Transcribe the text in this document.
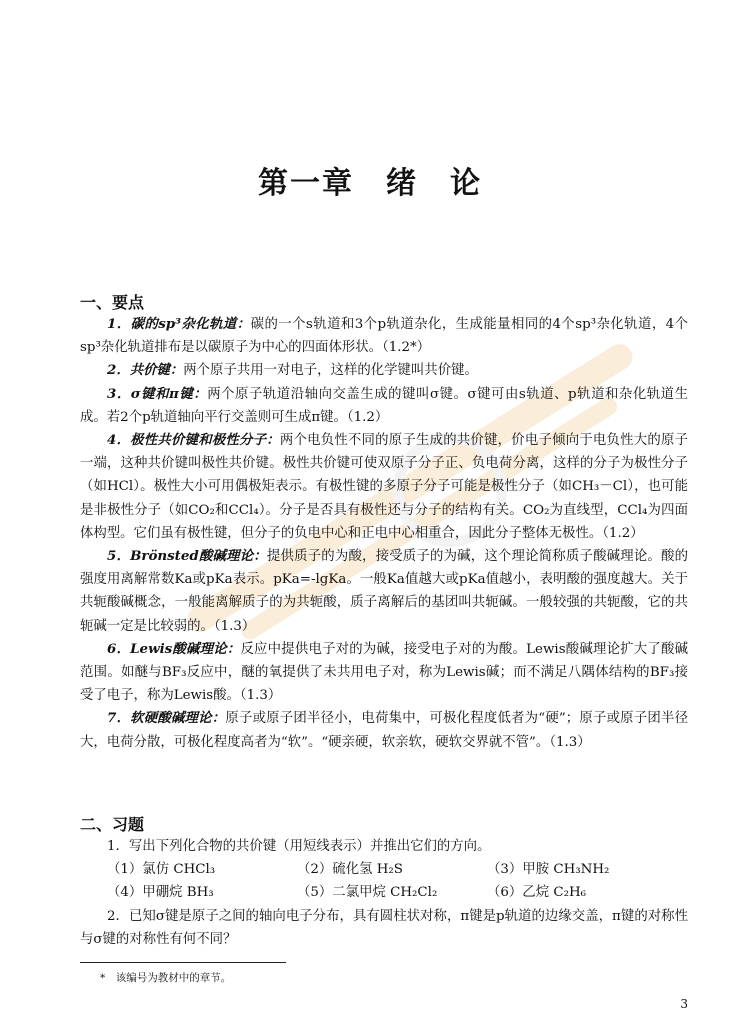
第一章　绪　论
一、要点

1．碳的sp³杂化轨道：碳的一个s轨道和3个p轨道杂化，生成能量相同的4个sp³杂化轨道，4个sp³杂化轨道排布是以碳原子为中心的四面体形状。（1.2*）

2．共价键：两个原子共用一对电子，这样的化学键叫共价键。

3．σ键和π键：两个原子轨道沿轴向交盖生成的键叫σ键。σ键可由s轨道、p轨道和杂化轨道生成。若2个p轨道轴向平行交盖则可生成π键。（1.2）

4．极性共价键和极性分子：两个电负性不同的原子生成的共价键，价电子倾向于电负性大的原子一端，这种共价键叫极性共价键。极性共价键可使双原子分子正、负电荷分离，这样的分子为极性分子（如HCl）。极性大小可用偶极矩表示。有极性键的多原子分子可能是极性分子（如CH₃－Cl），也可能是非极性分子（如CO₂和CCl₄）。分子是否具有极性还与分子的结构有关。CO₂为直线型，CCl₄为四面体构型。它们虽有极性键，但分子的负电中心和正电中心相重合，因此分子整体无极性。（1.2）

5．Brönsted酸碱理论：提供质子的为酸，接受质子的为碱，这个理论简称质子酸碱理论。酸的强度用离解常数Ka或pKa表示。pKa=-lgKa。一般Ka值越大或pKa值越小，表明酸的强度越大。关于共轭酸碱概念，一般能离解质子的为共轭酸，质子离解后的基团叫共轭碱。一般较强的共轭酸，它的共轭碱一定是比较弱的。（1.3）

6．Lewis酸碱理论：反应中提供电子对的为碱，接受电子对的为酸。Lewis酸碱理论扩大了酸碱范围。如醚与BF₃反应中，醚的氧提供了未共用电子对，称为Lewis碱；而不满足八隅体结构的BF₃接受了电子，称为Lewis酸。（1.3）

7．软硬酸碱理论：原子或原子团半径小，电荷集中，可极化程度低者为“硬”；原子或原子团半径大，电荷分散，可极化程度高者为“软”。“硬亲硬，软亲软，硬软交界就不管”。（1.3）

二、习题

1．写出下列化合物的共价键（用短线表示）并推出它们的方向。

（1）氯仿 CHCl₃	（2）硫化氢 H₂S	（3）甲胺 CH₃NH₂
（4）甲硼烷 BH₃	（5）二氯甲烷 CH₂Cl₂	（6）乙烷 C₂H₆

2．已知σ键是原子之间的轴向电子分布，具有圆柱状对称，π键是p轨道的边缘交盖，π键的对称性与σ键的对称性有何不同？

*　该编号为教材中的章节。
3
